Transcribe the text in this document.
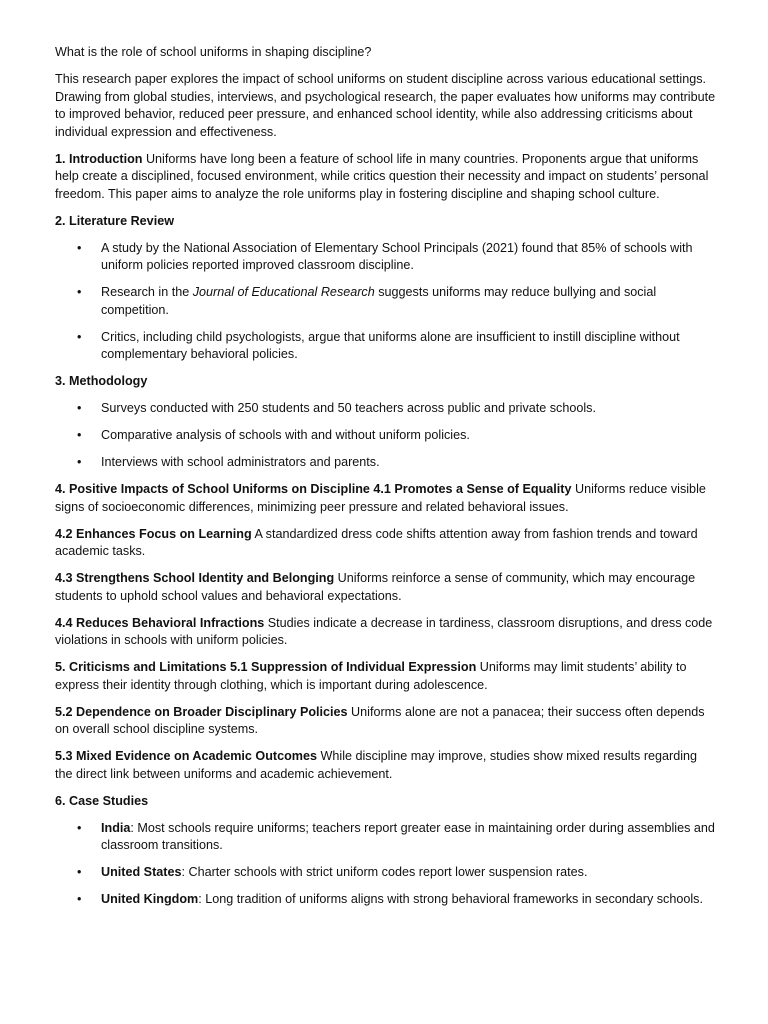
What is the role of school uniforms in shaping discipline?

This research paper explores the impact of school uniforms on student discipline across various educational settings. Drawing from global studies, interviews, and psychological research, the paper evaluates how uniforms may contribute to improved behavior, reduced peer pressure, and enhanced school identity, while also addressing criticisms about individual expression and effectiveness.

1. Introduction Uniforms have long been a feature of school life in many countries. Proponents argue that uniforms help create a disciplined, focused environment, while critics question their necessity and impact on students’ personal freedom. This paper aims to analyze the role uniforms play in fostering discipline and shaping school culture.

2. Literature Review

• A study by the National Association of Elementary School Principals (2021) found that 85% of schools with uniform policies reported improved classroom discipline.
• Research in the Journal of Educational Research suggests uniforms may reduce bullying and social competition.
• Critics, including child psychologists, argue that uniforms alone are insufficient to instill discipline without complementary behavioral policies.

3. Methodology

• Surveys conducted with 250 students and 50 teachers across public and private schools.
• Comparative analysis of schools with and without uniform policies.
• Interviews with school administrators and parents.

4. Positive Impacts of School Uniforms on Discipline 4.1 Promotes a Sense of Equality Uniforms reduce visible signs of socioeconomic differences, minimizing peer pressure and related behavioral issues.

4.2 Enhances Focus on Learning A standardized dress code shifts attention away from fashion trends and toward academic tasks.

4.3 Strengthens School Identity and Belonging Uniforms reinforce a sense of community, which may encourage students to uphold school values and behavioral expectations.

4.4 Reduces Behavioral Infractions Studies indicate a decrease in tardiness, classroom disruptions, and dress code violations in schools with uniform policies.

5. Criticisms and Limitations 5.1 Suppression of Individual Expression Uniforms may limit students’ ability to express their identity through clothing, which is important during adolescence.

5.2 Dependence on Broader Disciplinary Policies Uniforms alone are not a panacea; their success often depends on overall school discipline systems.

5.3 Mixed Evidence on Academic Outcomes While discipline may improve, studies show mixed results regarding the direct link between uniforms and academic achievement.

6. Case Studies

• India: Most schools require uniforms; teachers report greater ease in maintaining order during assemblies and classroom transitions.
• United States: Charter schools with strict uniform codes report lower suspension rates.
• United Kingdom: Long tradition of uniforms aligns with strong behavioral frameworks in secondary schools.
